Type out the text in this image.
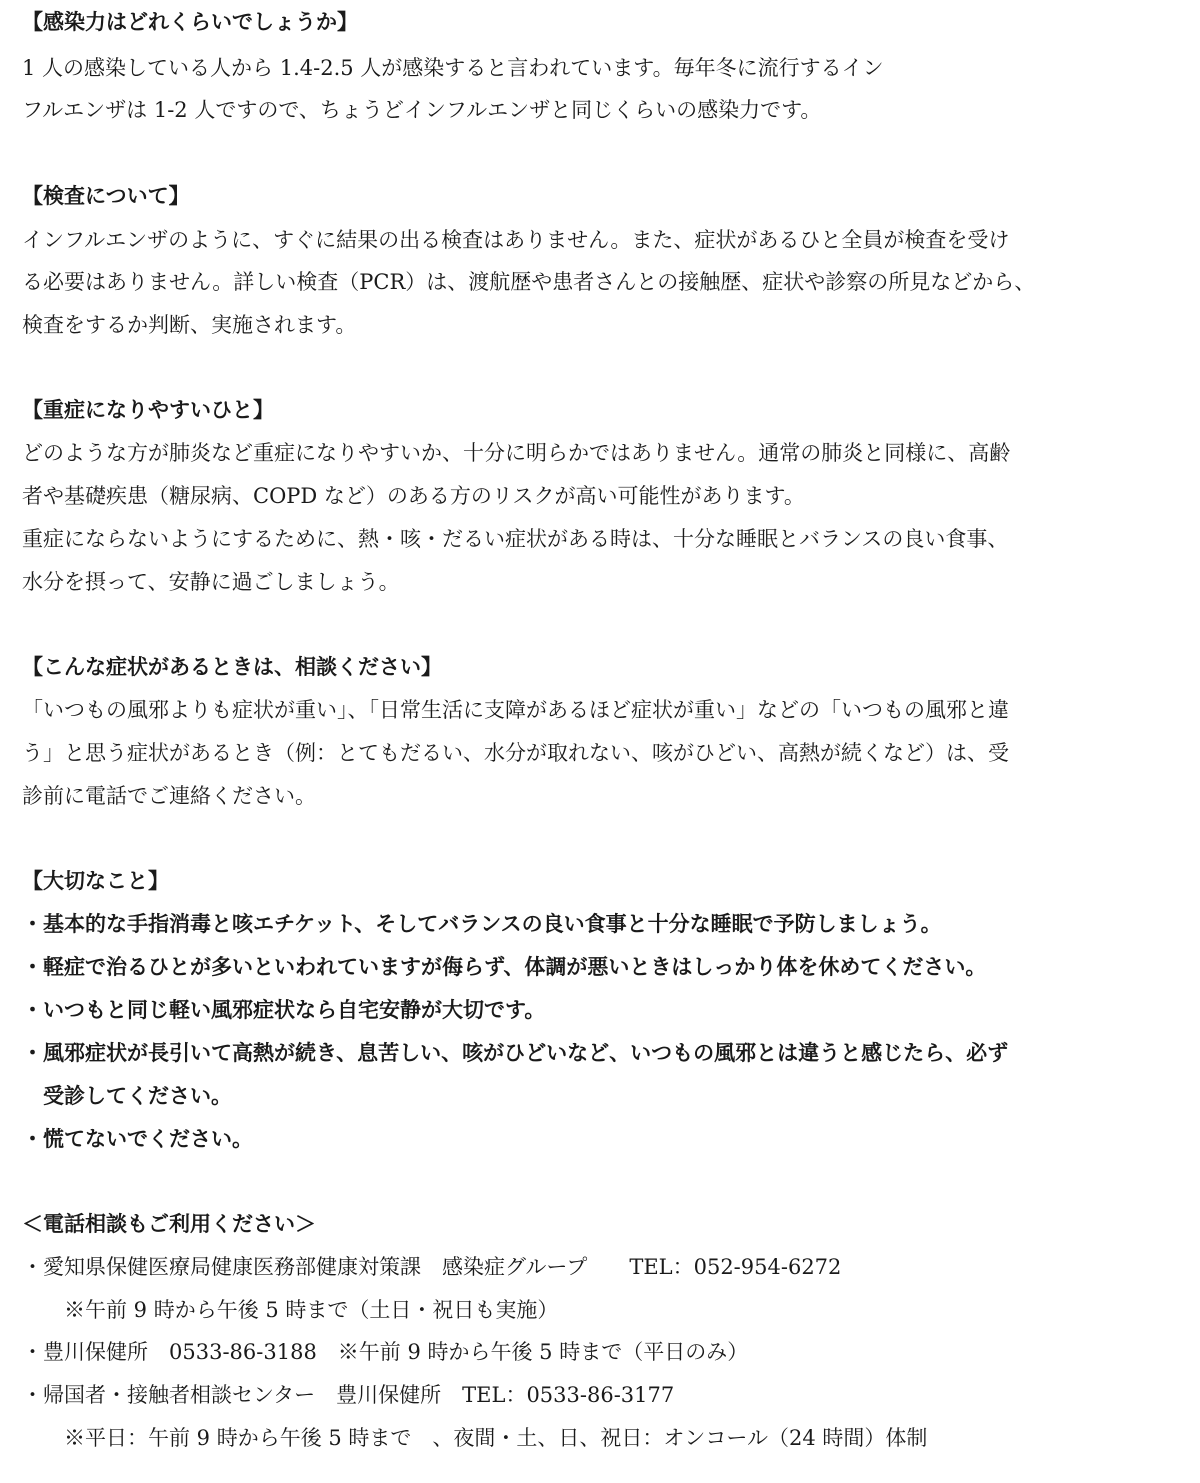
【感染力はどれくらいでしょうか】
1 人の感染している人から 1.4-2.5 人が感染すると言われています。毎年冬に流行するイン
フルエンザは 1-2 人ですので、ちょうどインフルエンザと同じくらいの感染力です。
【検査について】
インフルエンザのように、すぐに結果の出る検査はありません。また、症状があるひと全員が検査を受け
る必要はありません。詳しい検査（PCR）は、渡航歴や患者さんとの接触歴、症状や診察の所見などから、
検査をするか判断、実施されます。
【重症になりやすいひと】
どのような方が肺炎など重症になりやすいか、十分に明らかではありません。通常の肺炎と同様に、高齢
者や基礎疾患（糖尿病、COPD など）のある方のリスクが高い可能性があります。
重症にならないようにするために、熱・咳・だるい症状がある時は、十分な睡眠とバランスの良い食事、
水分を摂って、安静に過ごしましょう。
【こんな症状があるときは、相談ください】
「いつもの風邪よりも症状が重い」、「日常生活に支障があるほど症状が重い」などの「いつもの風邪と違
う」と思う症状があるとき（例：とてもだるい、水分が取れない、咳がひどい、高熱が続くなど）は、受
診前に電話でご連絡ください。
【大切なこと】
・基本的な手指消毒と咳エチケット、そしてバランスの良い食事と十分な睡眠で予防しましょう。
・軽症で治るひとが多いといわれていますが侮らず、体調が悪いときはしっかり体を休めてください。
・いつもと同じ軽い風邪症状なら自宅安静が大切です。
・風邪症状が長引いて高熱が続き、息苦しい、咳がひどいなど、いつもの風邪とは違うと感じたら、必ず
　受診してください。
・慌てないでください。
＜電話相談もご利用ください＞
・愛知県保健医療局健康医務部健康対策課　感染症グループ　　TEL：052-954-6272
　　※午前 9 時から午後 5 時まで（土日・祝日も実施）
・豊川保健所　0533-86-3188　※午前 9 時から午後 5 時まで（平日のみ）
・帰国者・接触者相談センター　豊川保健所　TEL：0533-86-3177
　　※平日：午前 9 時から午後 5 時まで　、夜間・土、日、祝日：オンコール（24 時間）体制
